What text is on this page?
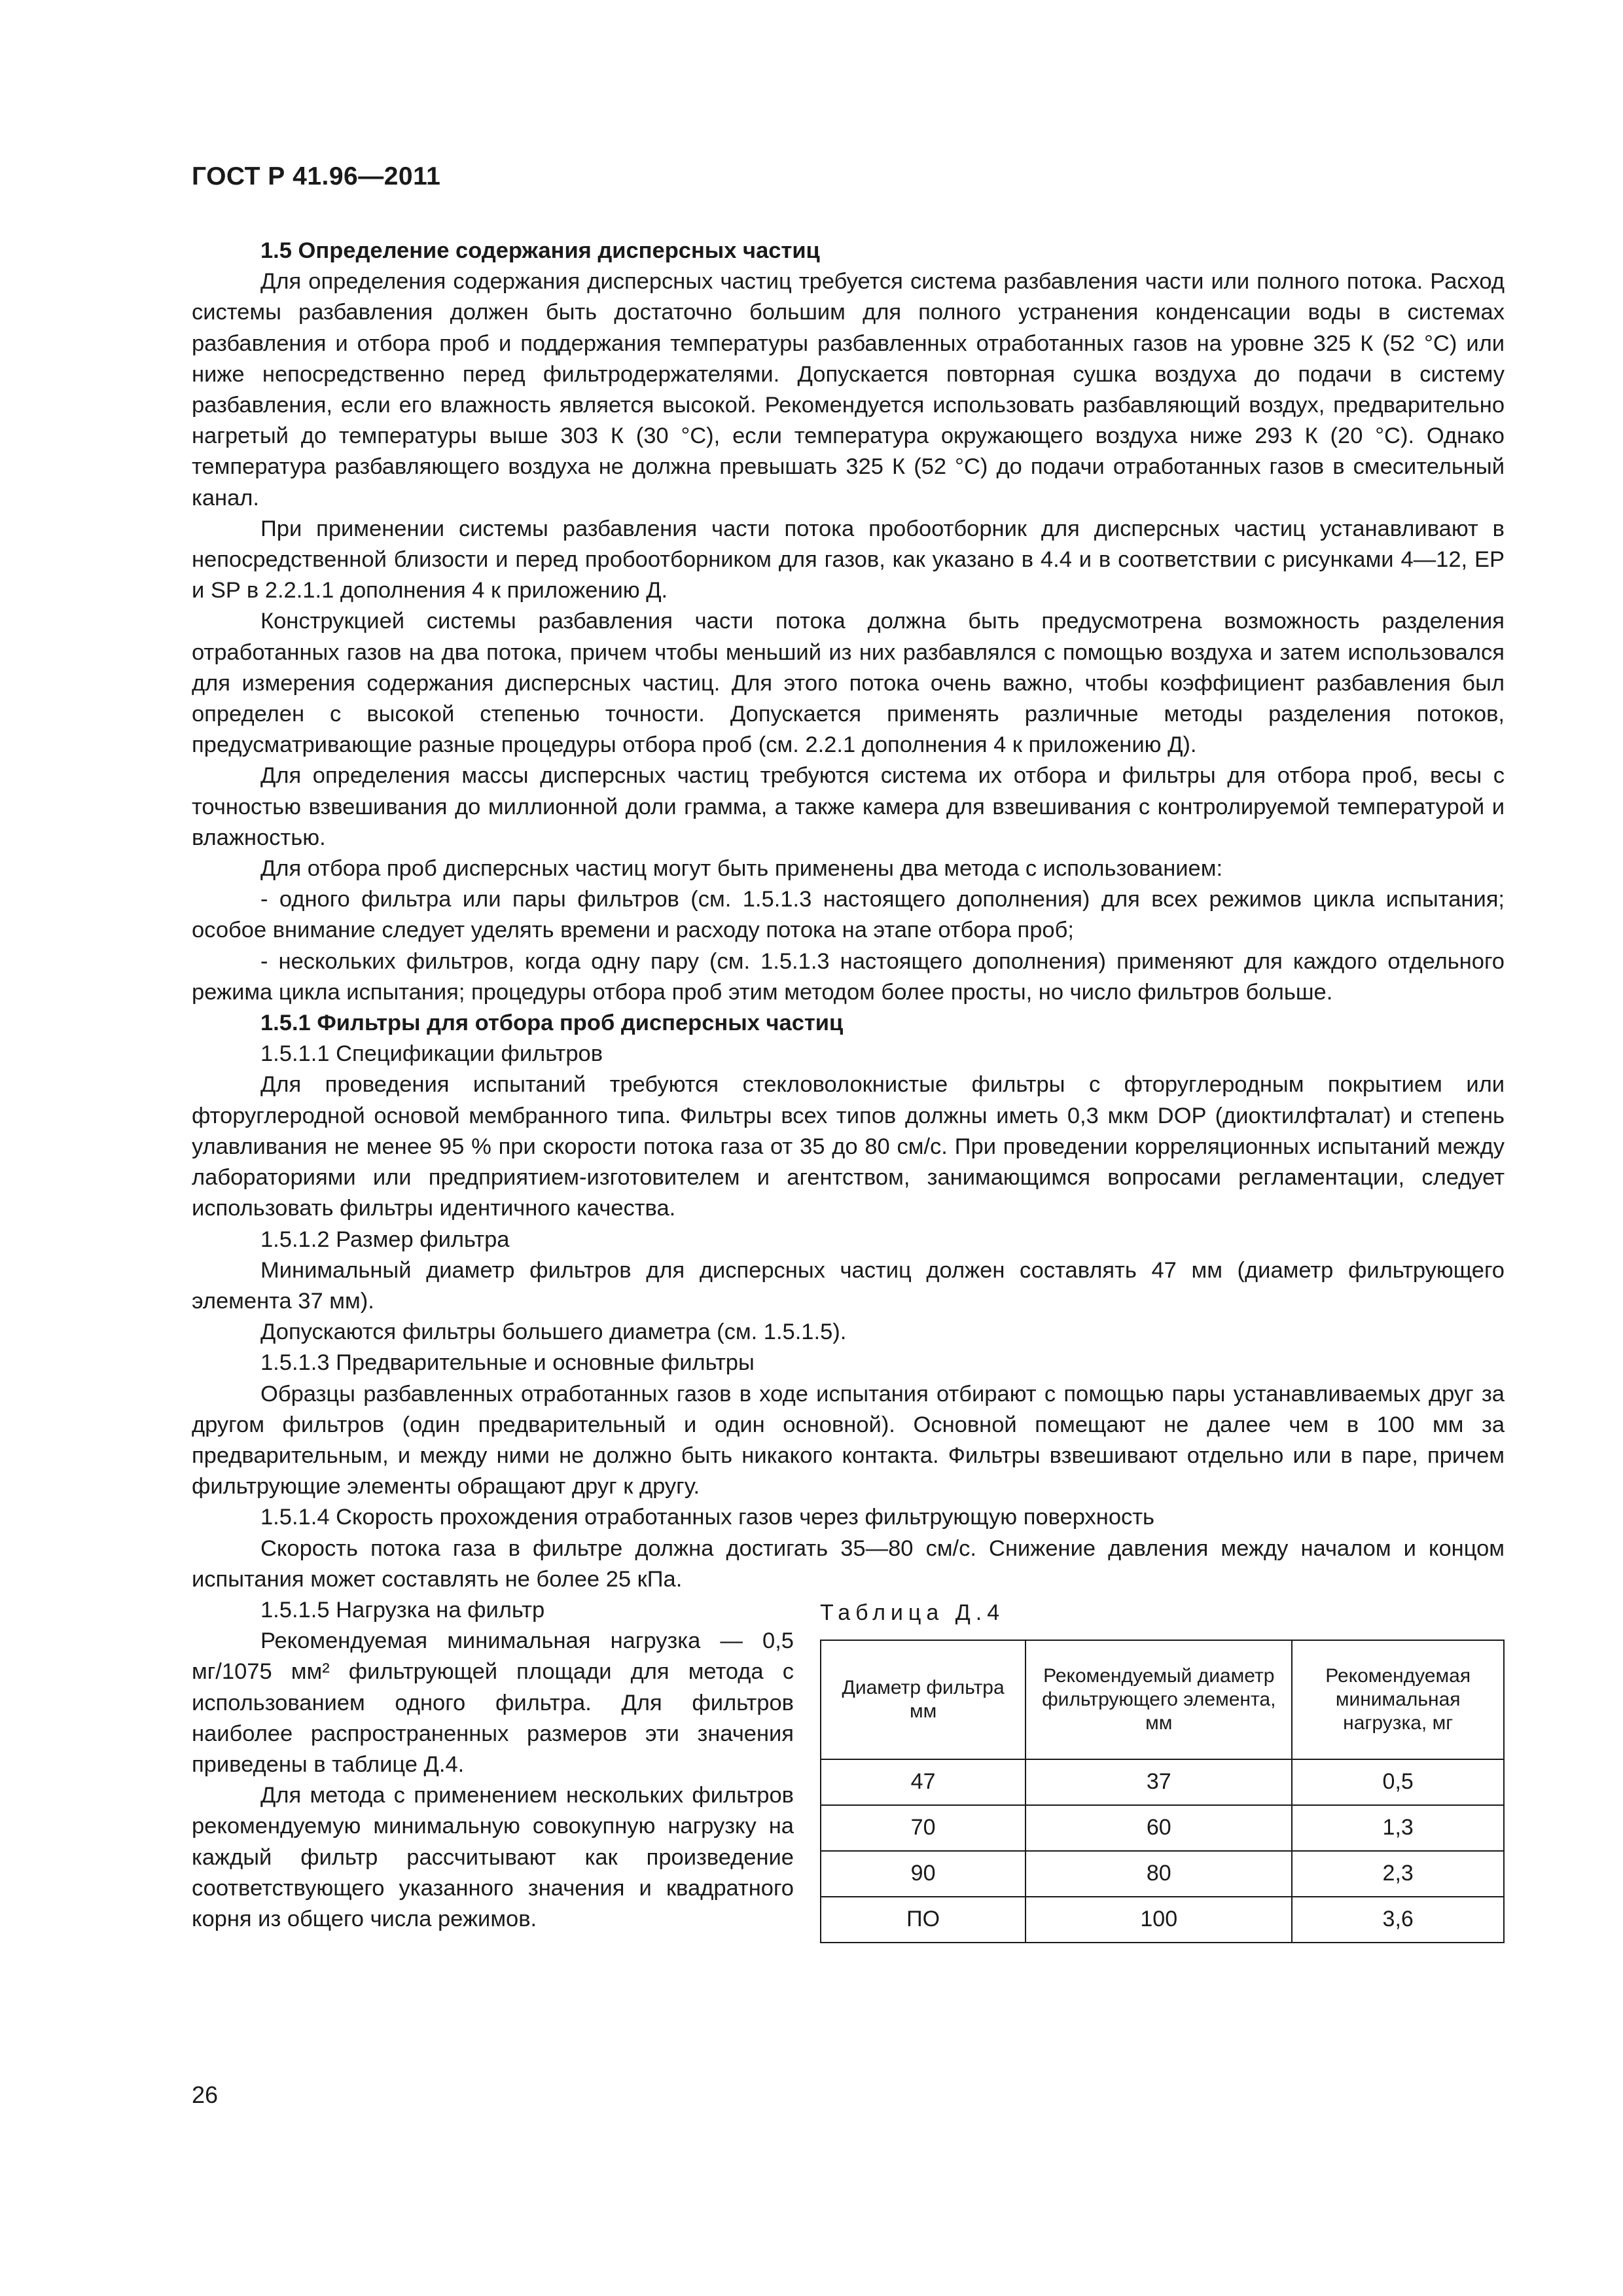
ГОСТ Р 41.96—2011

1.5 Определение содержания дисперсных частиц

Для определения содержания дисперсных частиц требуется система разбавления части или полного потока. Расход системы разбавления должен быть достаточно большим для полного устранения конденсации воды в системах разбавления и отбора проб и поддержания температуры разбавленных отработанных газов на уровне 325 К (52 °С) или ниже непосредственно перед фильтродержателями. Допускается повторная сушка воздуха до подачи в систему разбавления, если его влажность является высокой. Рекомендуется использовать разбавляющий воздух, предварительно нагретый до температуры выше 303 К (30 °С), если температура окружающего воздуха ниже 293 К (20 °С). Однако температура разбавляющего воздуха не должна превышать 325 К (52 °С) до подачи отработанных газов в смесительный канал.

При применении системы разбавления части потока пробоотборник для дисперсных частиц устанавливают в непосредственной близости и перед пробоотборником для газов, как указано в 4.4 и в соответствии с рисунками 4—12, ЕР и SP в 2.2.1.1 дополнения 4 к приложению Д.

Конструкцией системы разбавления части потока должна быть предусмотрена возможность разделения отработанных газов на два потока, причем чтобы меньший из них разбавлялся с помощью воздуха и затем использовался для измерения содержания дисперсных частиц. Для этого потока очень важно, чтобы коэффициент разбавления был определен с высокой степенью точности. Допускается применять различные методы разделения потоков, предусматривающие разные процедуры отбора проб (см. 2.2.1 дополнения 4 к приложению Д).

Для определения массы дисперсных частиц требуются система их отбора и фильтры для отбора проб, весы с точностью взвешивания до миллионной доли грамма, а также камера для взвешивания с контролируемой температурой и влажностью.

Для отбора проб дисперсных частиц могут быть применены два метода с использованием:

- одного фильтра или пары фильтров (см. 1.5.1.3 настоящего дополнения) для всех режимов цикла испытания; особое внимание следует уделять времени и расходу потока на этапе отбора проб;

- нескольких фильтров, когда одну пару (см. 1.5.1.3 настоящего дополнения) применяют для каждого отдельного режима цикла испытания; процедуры отбора проб этим методом более просты, но число фильтров больше.

1.5.1 Фильтры для отбора проб дисперсных частиц

1.5.1.1 Спецификации фильтров

Для проведения испытаний требуются стекловолокнистые фильтры с фторуглеродным покрытием или фторуглеродной основой мембранного типа. Фильтры всех типов должны иметь 0,3 мкм DOP (диоктилфталат) и степень улавливания не менее 95 % при скорости потока газа от 35 до 80 см/с. При проведении корреляционных испытаний между лабораториями или предприятием-изготовителем и агентством, занимающимся вопросами регламентации, следует использовать фильтры идентичного качества.

1.5.1.2 Размер фильтра

Минимальный диаметр фильтров для дисперсных частиц должен составлять 47 мм (диаметр фильтрующего элемента 37 мм).

Допускаются фильтры большего диаметра (см. 1.5.1.5).

1.5.1.3 Предварительные и основные фильтры

Образцы разбавленных отработанных газов в ходе испытания отбирают с помощью пары устанавливаемых друг за другом фильтров (один предварительный и один основной). Основной помещают не далее чем в 100 мм за предварительным, и между ними не должно быть никакого контакта. Фильтры взвешивают отдельно или в паре, причем фильтрующие элементы обращают друг к другу.

1.5.1.4 Скорость прохождения отработанных газов через фильтрующую поверхность

Скорость потока газа в фильтре должна достигать 35—80 см/с. Снижение давления между началом и концом испытания может составлять не более 25 кПа.

1.5.1.5 Нагрузка на фильтр

Рекомендуемая минимальная нагрузка — 0,5 мг/1075 мм² фильтрующей площади для метода с использованием одного фильтра. Для фильтров наиболее распространенных размеров эти значения приведены в таблице Д.4.

Для метода с применением нескольких фильтров рекомендуемую минимальную совокупную нагрузку на каждый фильтр рассчитывают как произведение соответствующего указанного значения и квадратного корня из общего числа режимов.

Таблица Д.4

Диаметр фильтра мм	Рекомендуемый диаметр фильтрующего элемента, мм	Рекомендуемая минимальная нагрузка, мг
47	37	0,5
70	60	1,3
90	80	2,3
ПО	100	3,6
26
